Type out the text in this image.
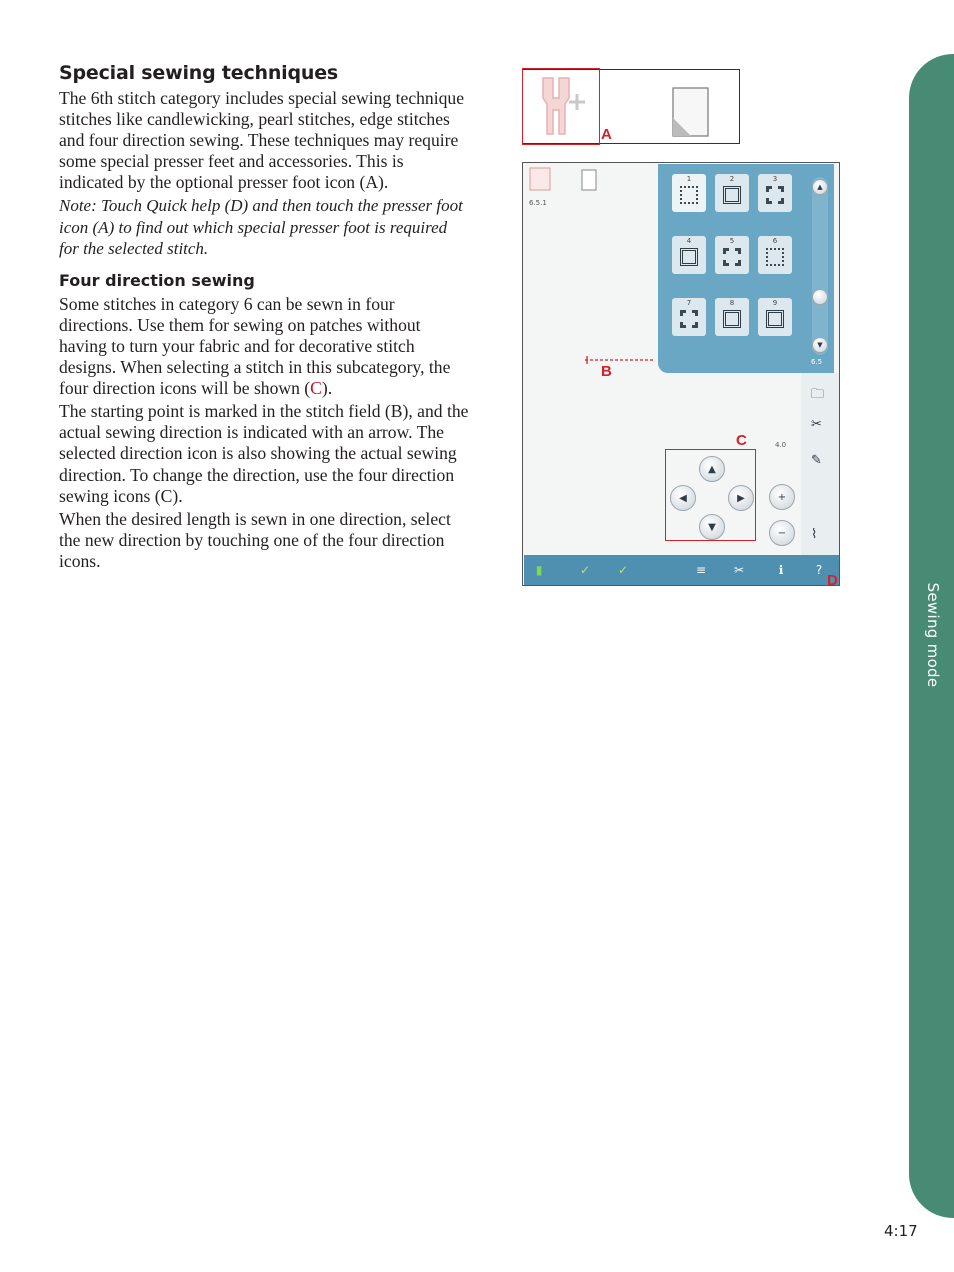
Special sewing techniques

The 6th stitch category includes special sewing technique stitches like candlewicking, pearl stitches, edge stitches and four direction sewing. These techniques may require some special presser feet and accessories. This is indicated by the optional presser foot icon (A).

Note: Touch Quick help (D) and then touch the presser foot icon (A) to find out which special presser foot is required for the selected stitch.

Four direction sewing

Some stitches in category 6 can be sewn in four directions. Use them for sewing on patches without having to turn your fabric and for decorative stitch designs. When selecting a stitch in this subcategory, the four direction icons will be shown (C).

The starting point is marked in the stitch field (B), and the actual sewing direction is indicated with an arrow. The selected direction icon is also showing the actual sewing direction. To change the direction, use the four direction sewing icons (C).

When the desired length is sewn in one direction, select the new direction by touching one of the four direction icons.

A
6.5.1
1	2	3
4	5	6
7	8	9
▲
▼
6.5
🗀
✂
✎
⌇
4.0
+
−
▲
◀	▶
▼
▮	✓	✓	≡	✂	ℹ	?
B
C
D
Sewing mode
4:17
